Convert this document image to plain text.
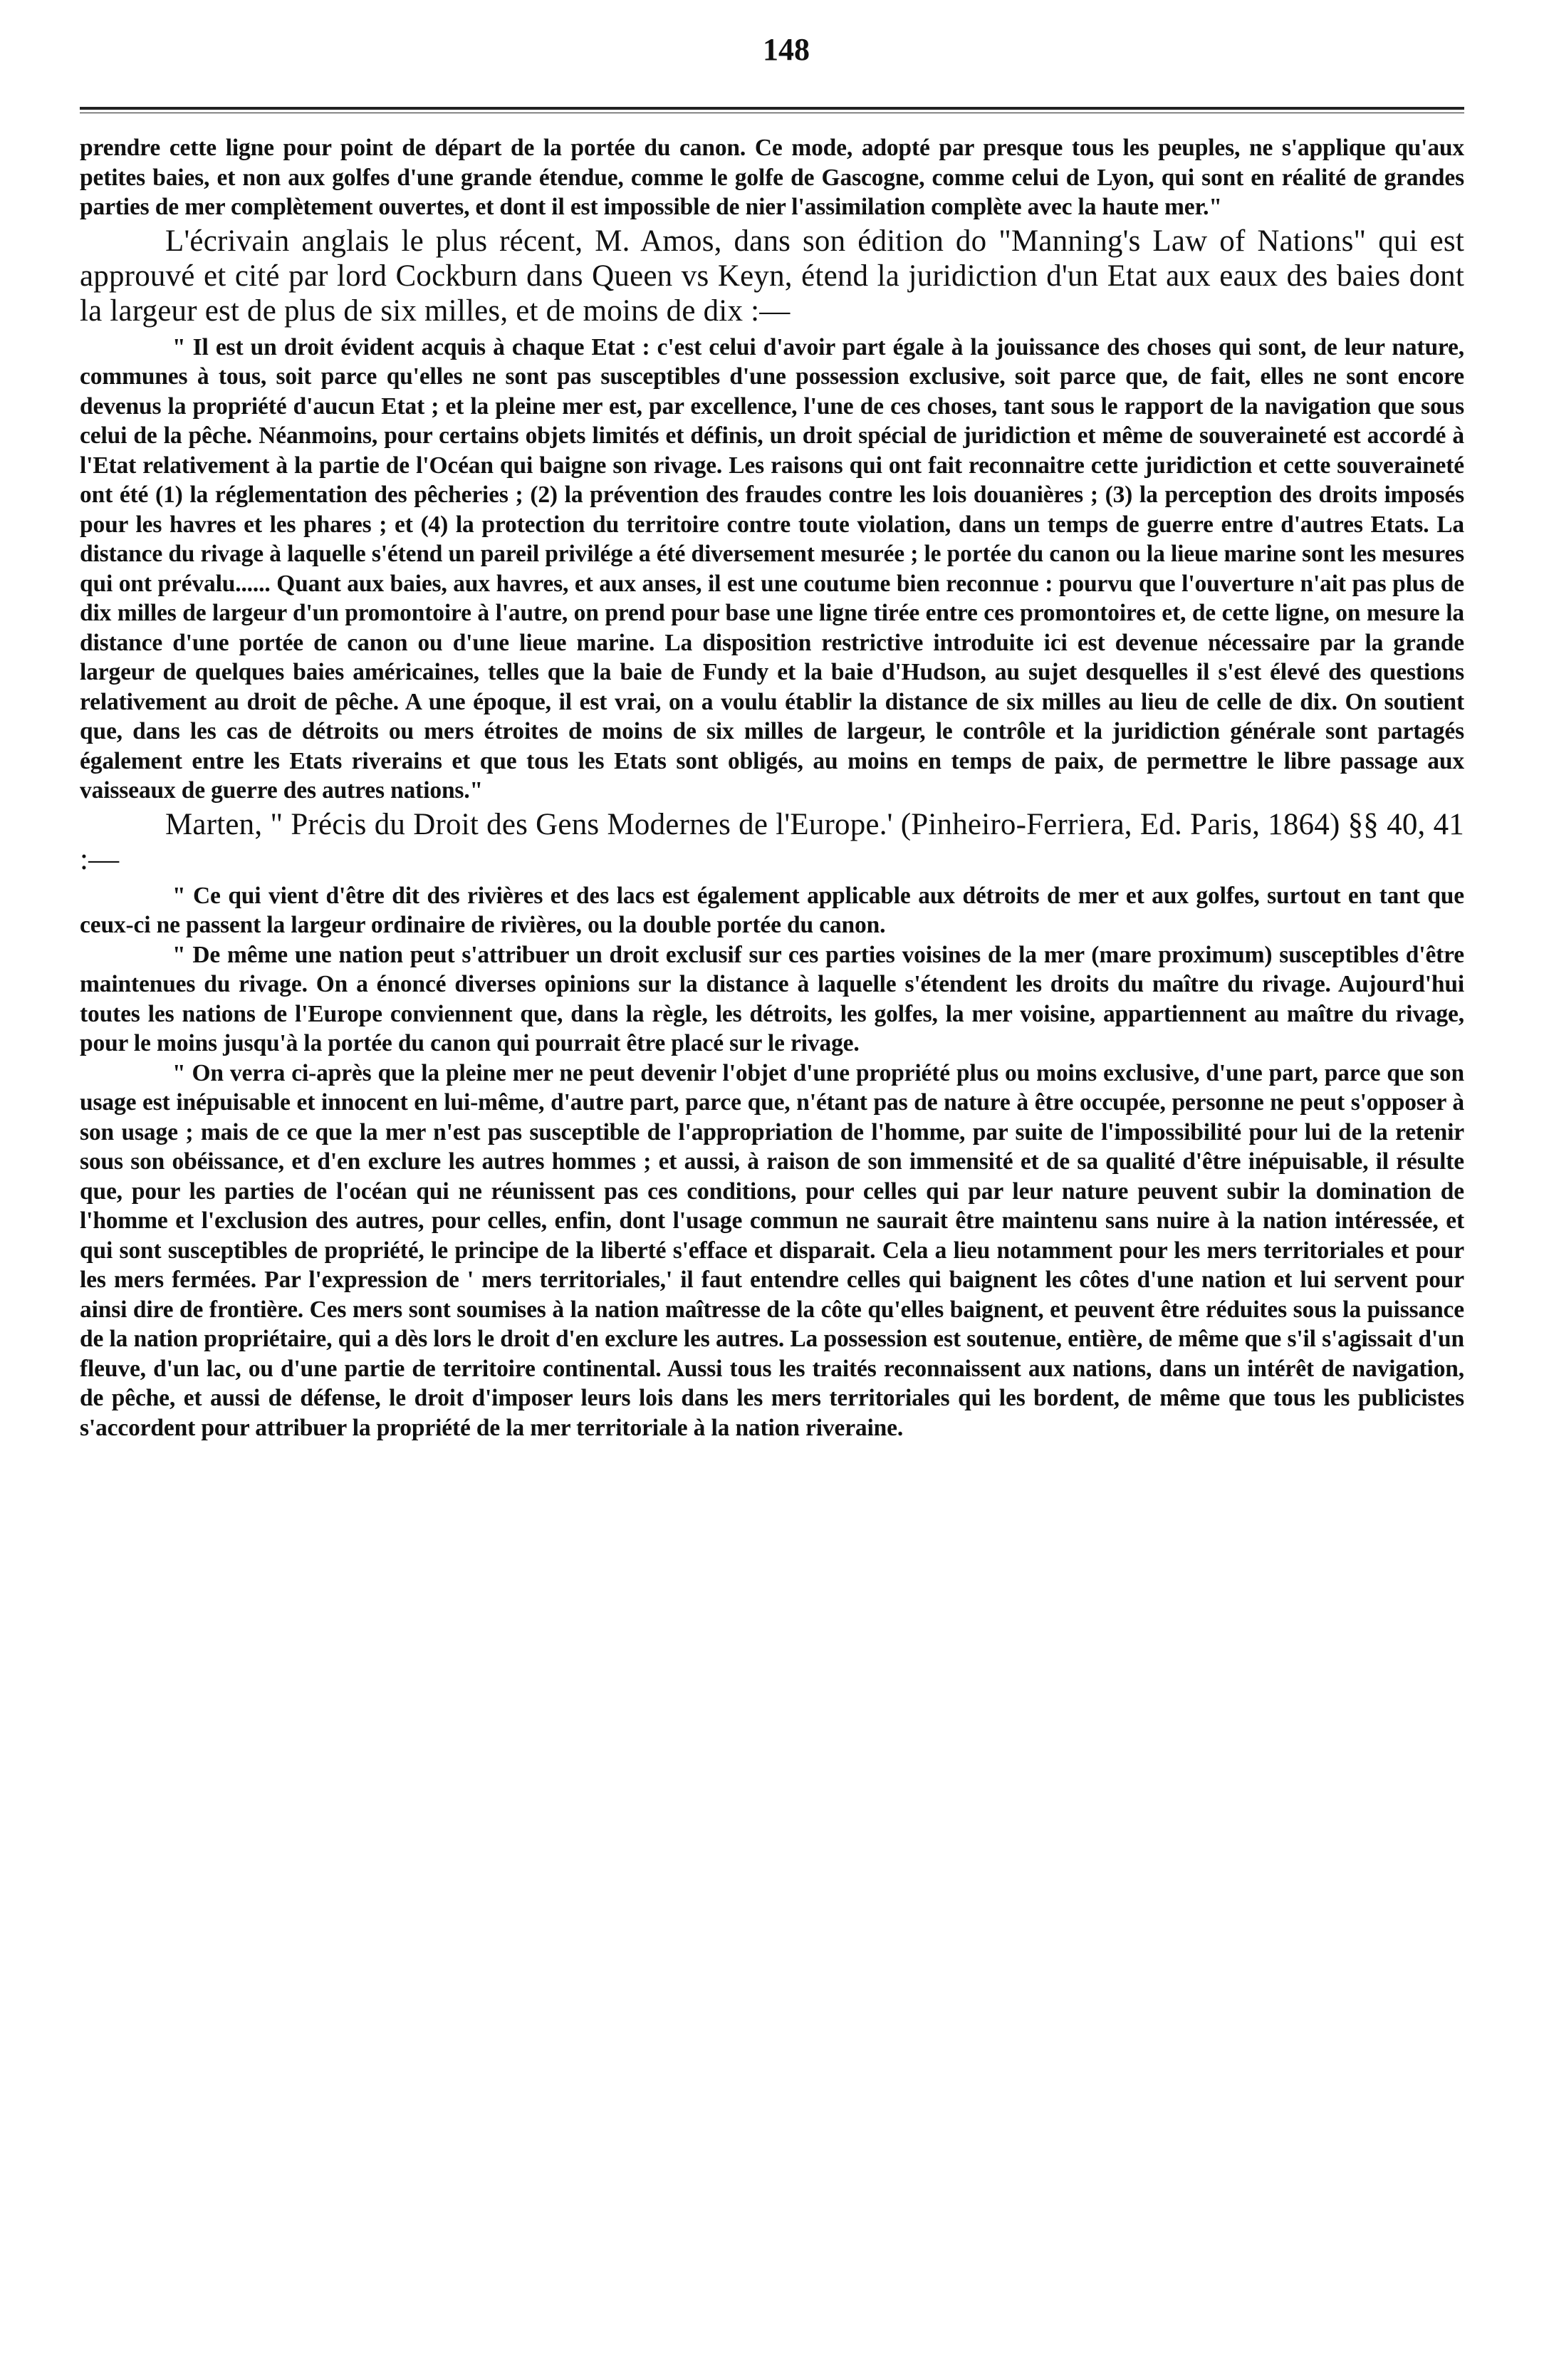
148

prendre cette ligne pour point de départ de la portée du canon. Ce mode, adopté par presque tous les peuples, ne s'applique qu'aux petites baies, et non aux golfes d'une grande étendue, comme le golfe de Gascogne, comme celui de Lyon, qui sont en réalité de grandes parties de mer complètement ouvertes, et dont il est impossible de nier l'assimilation complète avec la haute mer."

L'écrivain anglais le plus récent, M. Amos, dans son édition do "Manning's Law of Nations" qui est approuvé et cité par lord Cockburn dans Queen vs Keyn, étend la juridiction d'un Etat aux eaux des baies dont la largeur est de plus de six milles, et de moins de dix :—

" Il est un droit évident acquis à chaque Etat : c'est celui d'avoir part égale à la jouissance des choses qui sont, de leur nature, communes à tous, soit parce qu'elles ne sont pas susceptibles d'une possession exclusive, soit parce que, de fait, elles ne sont encore devenus la propriété d'aucun Etat ; et la pleine mer est, par excellence, l'une de ces choses, tant sous le rapport de la navigation que sous celui de la pêche. Néanmoins, pour certains objets limités et définis, un droit spécial de juridiction et même de souveraineté est accordé à l'Etat relativement à la partie de l'Océan qui baigne son rivage. Les raisons qui ont fait reconnaitre cette juridiction et cette souveraineté ont été (1) la réglementation des pêcheries ; (2) la prévention des fraudes contre les lois douanières ; (3) la perception des droits imposés pour les havres et les phares ; et (4) la protection du territoire contre toute violation, dans un temps de guerre entre d'autres Etats. La distance du rivage à laquelle s'étend un pareil privilége a été diversement mesurée ; le portée du canon ou la lieue marine sont les mesures qui ont prévalu...... Quant aux baies, aux havres, et aux anses, il est une coutume bien reconnue : pourvu que l'ouverture n'ait pas plus de dix milles de largeur d'un promontoire à l'autre, on prend pour base une ligne tirée entre ces promontoires et, de cette ligne, on mesure la distance d'une portée de canon ou d'une lieue marine. La disposition restrictive introduite ici est devenue nécessaire par la grande largeur de quelques baies américaines, telles que la baie de Fundy et la baie d'Hudson, au sujet desquelles il s'est élevé des questions relativement au droit de pêche. A une époque, il est vrai, on a voulu établir la distance de six milles au lieu de celle de dix. On soutient que, dans les cas de détroits ou mers étroites de moins de six milles de largeur, le contrôle et la juridiction générale sont partagés également entre les Etats riverains et que tous les Etats sont obligés, au moins en temps de paix, de permettre le libre passage aux vaisseaux de guerre des autres nations."

Marten, " Précis du Droit des Gens Modernes de l'Europe.' (Pinheiro-Ferriera, Ed. Paris, 1864) §§ 40, 41 :—

" Ce qui vient d'être dit des rivières et des lacs est également applicable aux détroits de mer et aux golfes, surtout en tant que ceux-ci ne passent la largeur ordinaire de rivières, ou la double portée du canon.

" De même une nation peut s'attribuer un droit exclusif sur ces parties voisines de la mer (mare proximum) susceptibles d'être maintenues du rivage. On a énoncé diverses opinions sur la distance à laquelle s'étendent les droits du maître du rivage. Aujourd'hui toutes les nations de l'Europe conviennent que, dans la règle, les détroits, les golfes, la mer voisine, appartiennent au maître du rivage, pour le moins jusqu'à la portée du canon qui pourrait être placé sur le rivage.

" On verra ci-après que la pleine mer ne peut devenir l'objet d'une propriété plus ou moins exclusive, d'une part, parce que son usage est inépuisable et innocent en lui-même, d'autre part, parce que, n'étant pas de nature à être occupée, personne ne peut s'opposer à son usage ; mais de ce que la mer n'est pas susceptible de l'appropriation de l'homme, par suite de l'impossibilité pour lui de la retenir sous son obéissance, et d'en exclure les autres hommes ; et aussi, à raison de son immensité et de sa qualité d'être inépuisable, il résulte que, pour les parties de l'océan qui ne réunissent pas ces conditions, pour celles qui par leur nature peuvent subir la domination de l'homme et l'exclusion des autres, pour celles, enfin, dont l'usage commun ne saurait être maintenu sans nuire à la nation intéressée, et qui sont susceptibles de propriété, le principe de la liberté s'efface et disparait. Cela a lieu notamment pour les mers territoriales et pour les mers fermées. Par l'expression de ' mers territoriales,' il faut entendre celles qui baignent les côtes d'une nation et lui servent pour ainsi dire de frontière. Ces mers sont soumises à la nation maîtresse de la côte qu'elles baignent, et peuvent être réduites sous la puissance de la nation propriétaire, qui a dès lors le droit d'en exclure les autres. La possession est soutenue, entière, de même que s'il s'agissait d'un fleuve, d'un lac, ou d'une partie de territoire continental. Aussi tous les traités reconnaissent aux nations, dans un intérêt de navigation, de pêche, et aussi de défense, le droit d'imposer leurs lois dans les mers territoriales qui les bordent, de même que tous les publicistes s'accordent pour attribuer la propriété de la mer territoriale à la nation riveraine.
